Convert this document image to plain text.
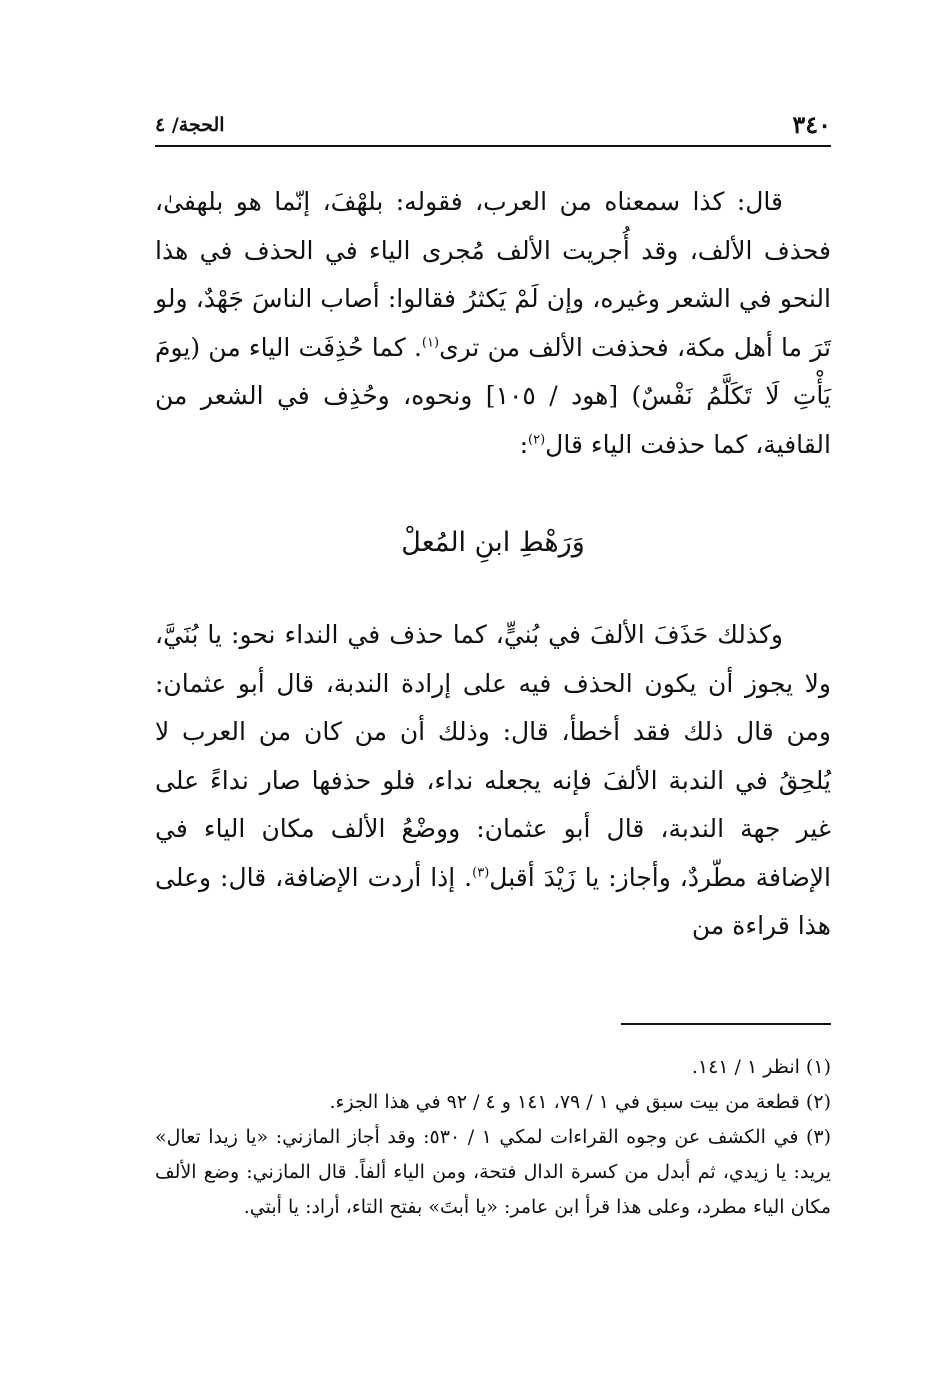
٣٤٠
الحجة/ ٤

قال: كذا سمعناه من العرب، فقوله: بلهْفَ، إنّما هو بلهفىٰ، فحذف الألف، وقد أُجريت الألف مُجرى الياء في الحذف في هذا النحو في الشعر وغيره، وإن لَمْ يَكثرُ فقالوا: أصاب الناسَ جَهْدٌ، ولو تَرَ ما أهل مكة، فحذفت الألف من ترى$^{(١)}$. كما حُذِفَت الياء من (يومَ يَأْتِ لَا تَكَلَّمُ نَفْسٌ) [هود / ١٠٥] ونحوه، وحُذِف في الشعر من القافية، كما حذفت الياء قال$^{(٢)}$:

وَرَهْطِ ابنِ المُعلْ

وكذلك حَذَفَ الألفَ في بُنيٍّ، كما حذف في النداء نحو: يا بُنَيَّ، ولا يجوز أن يكون الحذف فيه على إرادة الندبة، قال أبو عثمان: ومن قال ذلك فقد أخطأ، قال: وذلك أن من كان من العرب لا يُلحِقُ في الندبة الألفَ فإنه يجعله نداء، فلو حذفها صار نداءً على غير جهة الندبة، قال أبو عثمان: ووضْعُ الألف مكان الياء في الإضافة مطّردٌ، وأجاز: يا زَيْدَ أقبل$^{(٣)}$. إذا أردت الإضافة، قال: وعلى هذا قراءة من

(١) انظر ١ / ١٤١.

(٢) قطعة من بيت سبق في ١ / ٧٩، ١٤١ و ٤ / ٩٢ في هذا الجزء.

(٣) في الكشف عن وجوه القراءات لمكي ١ / ٥٣٠: وقد أجاز المازني: «يا زيدا تعال» يريد: يا زيدي، ثم أبدل من كسرة الدال فتحة، ومن الياء ألفاً. قال المازني: وضع الألف مكان الياء مطرد، وعلى هذا قرأ ابن عامر: «يا أبتَ» بفتح التاء، أراد: يا أبتي.
